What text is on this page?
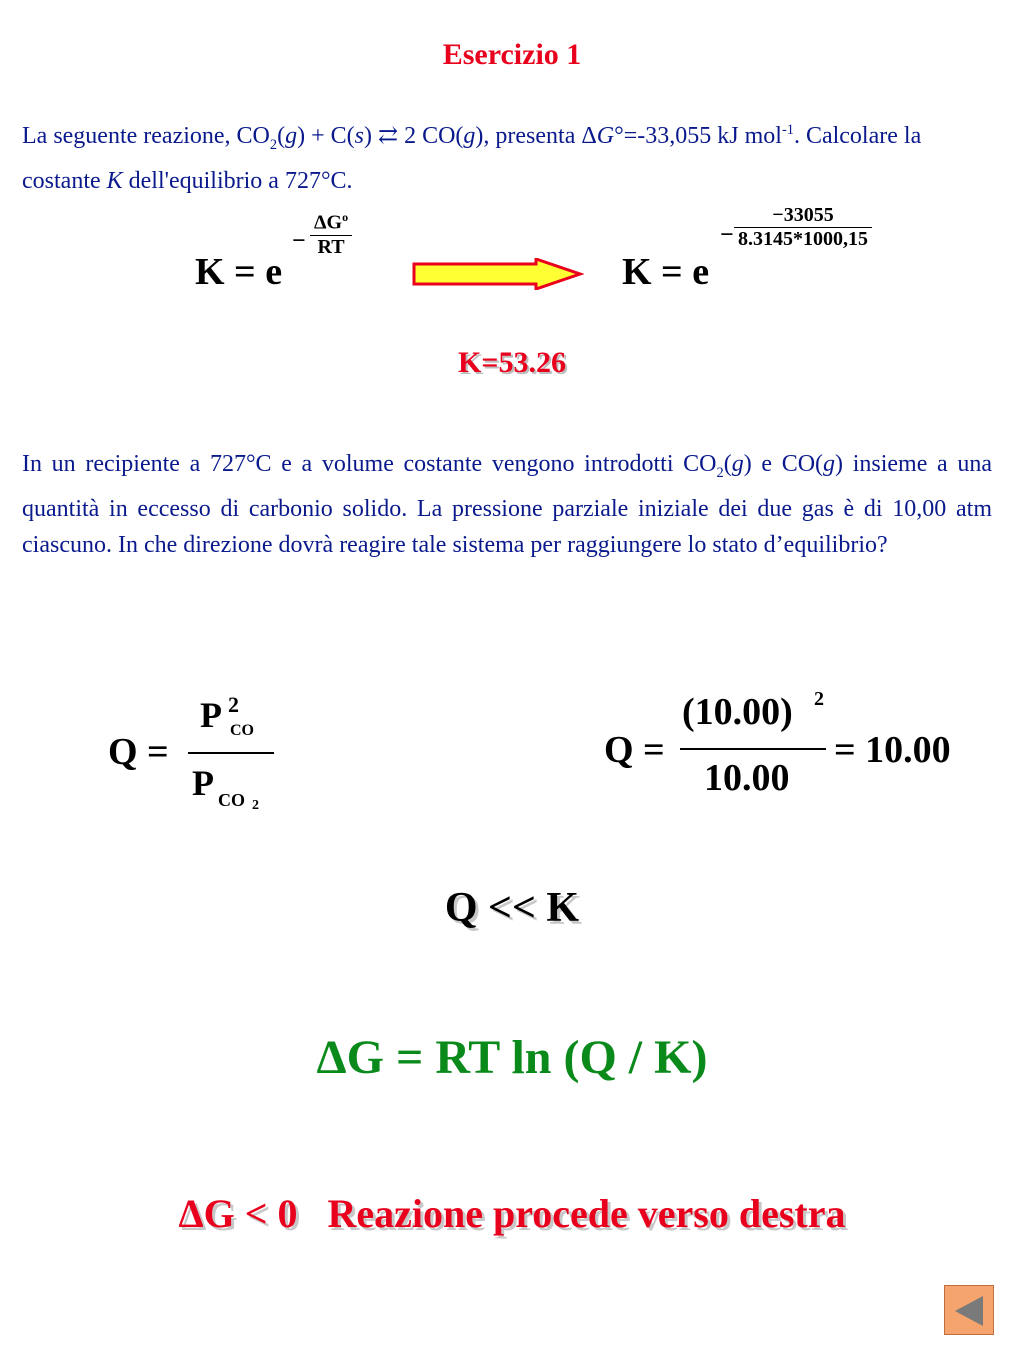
Esercizio 1
La seguente reazione, $CO_2(g) + C(s)$ ⇄ 2 CO(g), presenta ΔG°=-33,055 kJ mol$^{-1}$. Calcolare la costante K dell'equilibrio a 727°C.
K = e
−
$\Delta G^o$
RT
K = e
− $\frac{-33055}{8.3145*1000,15}$
K=53.26
In un recipiente a 727°C e a volume costante vengono introdotti $CO_2(g)$ e CO(g) insieme a una quantità in eccesso di carbonio solido. La pressione parziale iniziale dei due gas è di 10,00 atm ciascuno. In che direzione dovrà reagire tale sistema per raggiungere lo stato d’equilibrio?
Q =
P 2
CO
P CO 2
Q =
(10.00) 2
10.00
= 10.00
Q << K
ΔG = RT ln (Q / K)
ΔG < 0   Reazione procede verso destra
